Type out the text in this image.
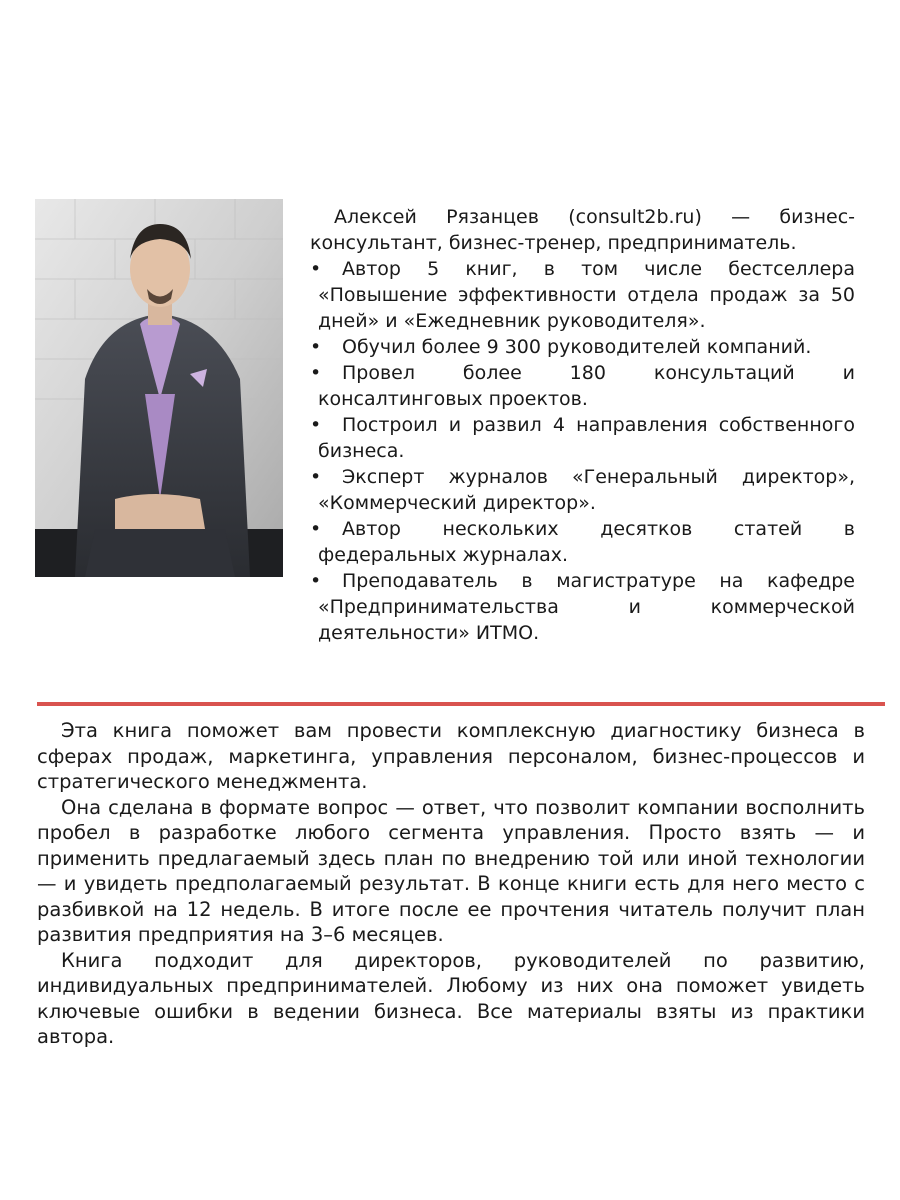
Алексей Рязанцев (consult2b.ru) — бизнес-консультант, бизнес-тренер, предприниматель.

• Автор 5 книг, в том числе бестселлера «Повышение эффективности отдела продаж за 50 дней» и «Ежедневник руководителя».
• Обучил более 9 300 руководителей компаний.
• Провел более 180 консультаций и консалтинговых проектов.
• Построил и развил 4 направления собственного бизнеса.
• Эксперт журналов «Генеральный директор», «Коммерческий директор».
• Автор нескольких десятков статей в федеральных журналах.
• Преподаватель в магистратуре на кафедре «Предпринимательства и коммерческой деятельности» ИТМО.

Эта книга поможет вам провести комплексную диагностику бизнеса в сферах продаж, маркетинга, управления персоналом, бизнес-процессов и стратегического менеджмента.

Она сделана в формате вопрос — ответ, что позволит компании восполнить пробел в разработке любого сегмента управления. Просто взять — и применить предлагаемый здесь план по внедрению той или иной технологии — и увидеть предполагаемый результат. В конце книги есть для него место с разбивкой на 12 недель. В итоге после ее прочтения читатель получит план развития предприятия на 3–6 месяцев.

Книга подходит для директоров, руководителей по развитию, индивидуальных предпринимателей. Любому из них она поможет увидеть ключевые ошибки в ведении бизнеса. Все материалы взяты из практики автора.
